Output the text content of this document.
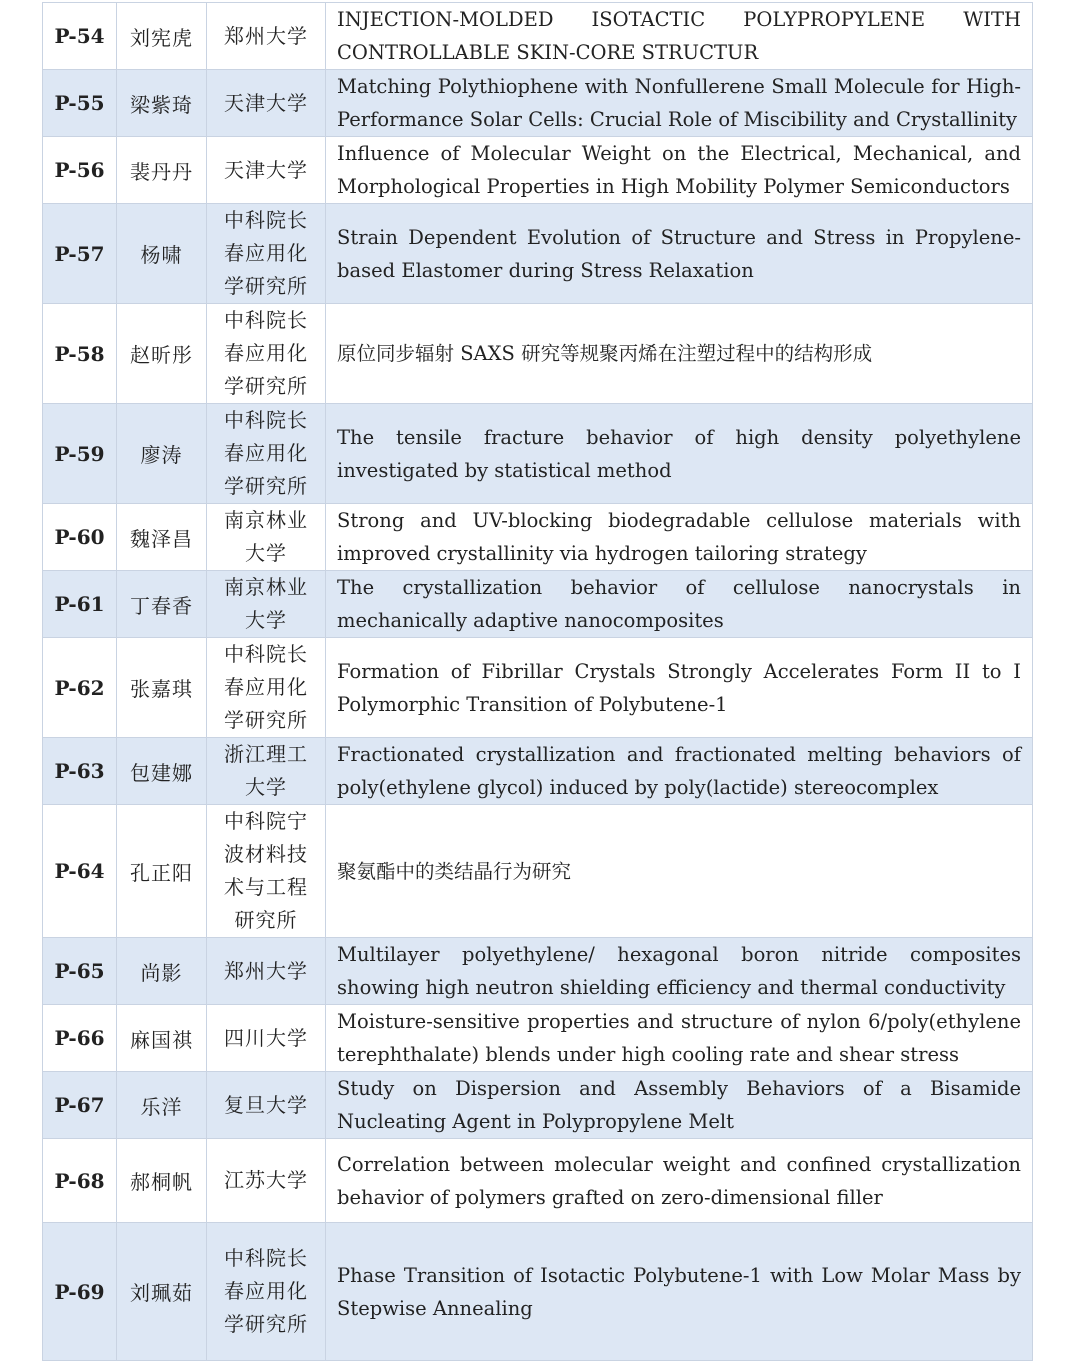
P-54	刘宪虎	郑州大学	INJECTION-MOLDED ISOTACTIC POLYPROPYLENE WITH CONTROLLABLE SKIN-CORE STRUCTUR
P-55	梁紫琦	天津大学	Matching Polythiophene with Nonfullerene Small Molecule for High-Performance Solar Cells: Crucial Role of Miscibility and Crystallinity
P-56	裴丹丹	天津大学	Influence of Molecular Weight on the Electrical, Mechanical, and Morphological Properties in High Mobility Polymer Semiconductors
P-57	杨啸	中科院长春应用化学研究所	Strain Dependent Evolution of Structure and Stress in Propylene-based Elastomer during Stress Relaxation
P-58	赵昕彤	中科院长春应用化学研究所	原位同步辐射 SAXS 研究等规聚丙烯在注塑过程中的结构形成
P-59	廖涛	中科院长春应用化学研究所	The tensile fracture behavior of high density polyethylene investigated by statistical method
P-60	魏泽昌	南京林业大学	Strong and UV-blocking biodegradable cellulose materials with improved crystallinity via hydrogen tailoring strategy
P-61	丁春香	南京林业大学	The crystallization behavior of cellulose nanocrystals in mechanically adaptive nanocomposites
P-62	张嘉琪	中科院长春应用化学研究所	Formation of Fibrillar Crystals Strongly Accelerates Form II to I Polymorphic Transition of Polybutene-1
P-63	包建娜	浙江理工大学	Fractionated crystallization and fractionated melting behaviors of poly(ethylene glycol) induced by poly(lactide) stereocomplex
P-64	孔正阳	中科院宁波材料技术与工程研究所	聚氨酯中的类结晶行为研究
P-65	尚影	郑州大学	Multilayer polyethylene/ hexagonal boron nitride composites showing high neutron shielding efficiency and thermal conductivity
P-66	麻国祺	四川大学	Moisture-sensitive properties and structure of nylon 6/poly(ethylene terephthalate) blends under high cooling rate and shear stress
P-67	乐洋	复旦大学	Study on Dispersion and Assembly Behaviors of a Bisamide Nucleating Agent in Polypropylene Melt
P-68	郝桐帆	江苏大学	Correlation between molecular weight and confined crystallization behavior of polymers grafted on zero-dimensional filler
P-69	刘珮茹	中科院长春应用化学研究所	Phase Transition of Isotactic Polybutene-1 with Low Molar Mass by Stepwise Annealing
